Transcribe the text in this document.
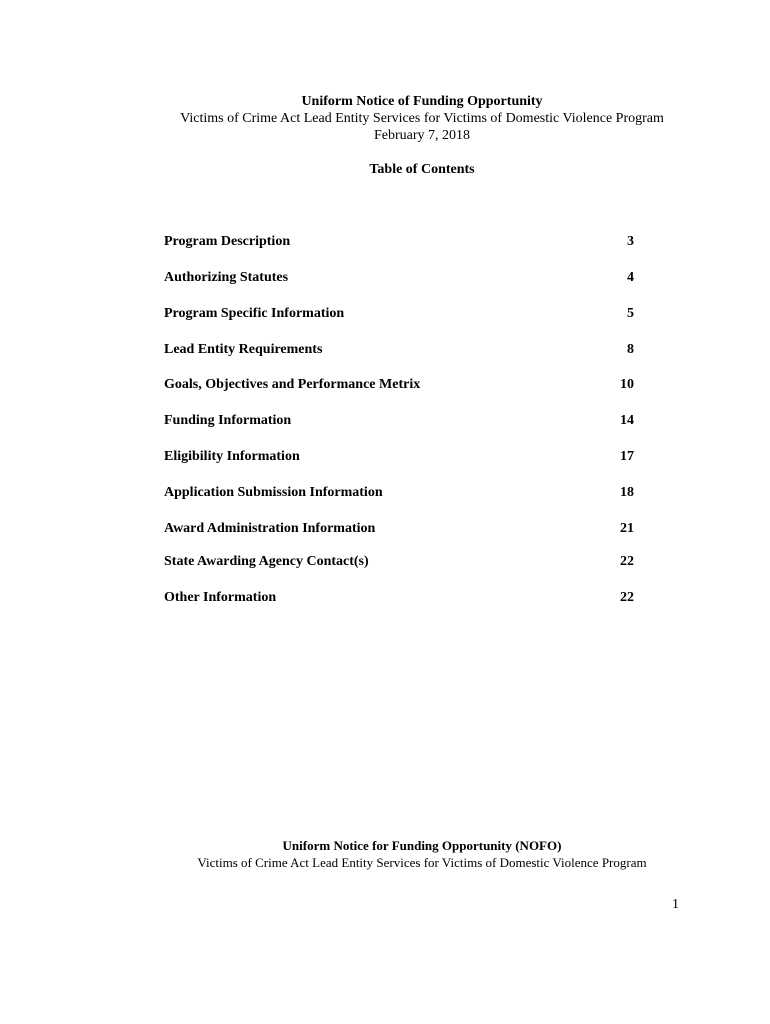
Uniform Notice of Funding Opportunity
Victims of Crime Act Lead Entity Services for Victims of Domestic Violence Program
February 7, 2018
Table of Contents
Program Description	3
Authorizing Statutes	4
Program Specific Information	5
Lead Entity Requirements	8
Goals, Objectives and Performance Metrix	10
Funding Information	14
Eligibility Information	17
Application Submission Information	18
Award Administration Information	21
State Awarding Agency Contact(s)	22
Other Information	22
Uniform Notice for Funding Opportunity (NOFO)
Victims of Crime Act Lead Entity Services for Victims of Domestic Violence Program
1
